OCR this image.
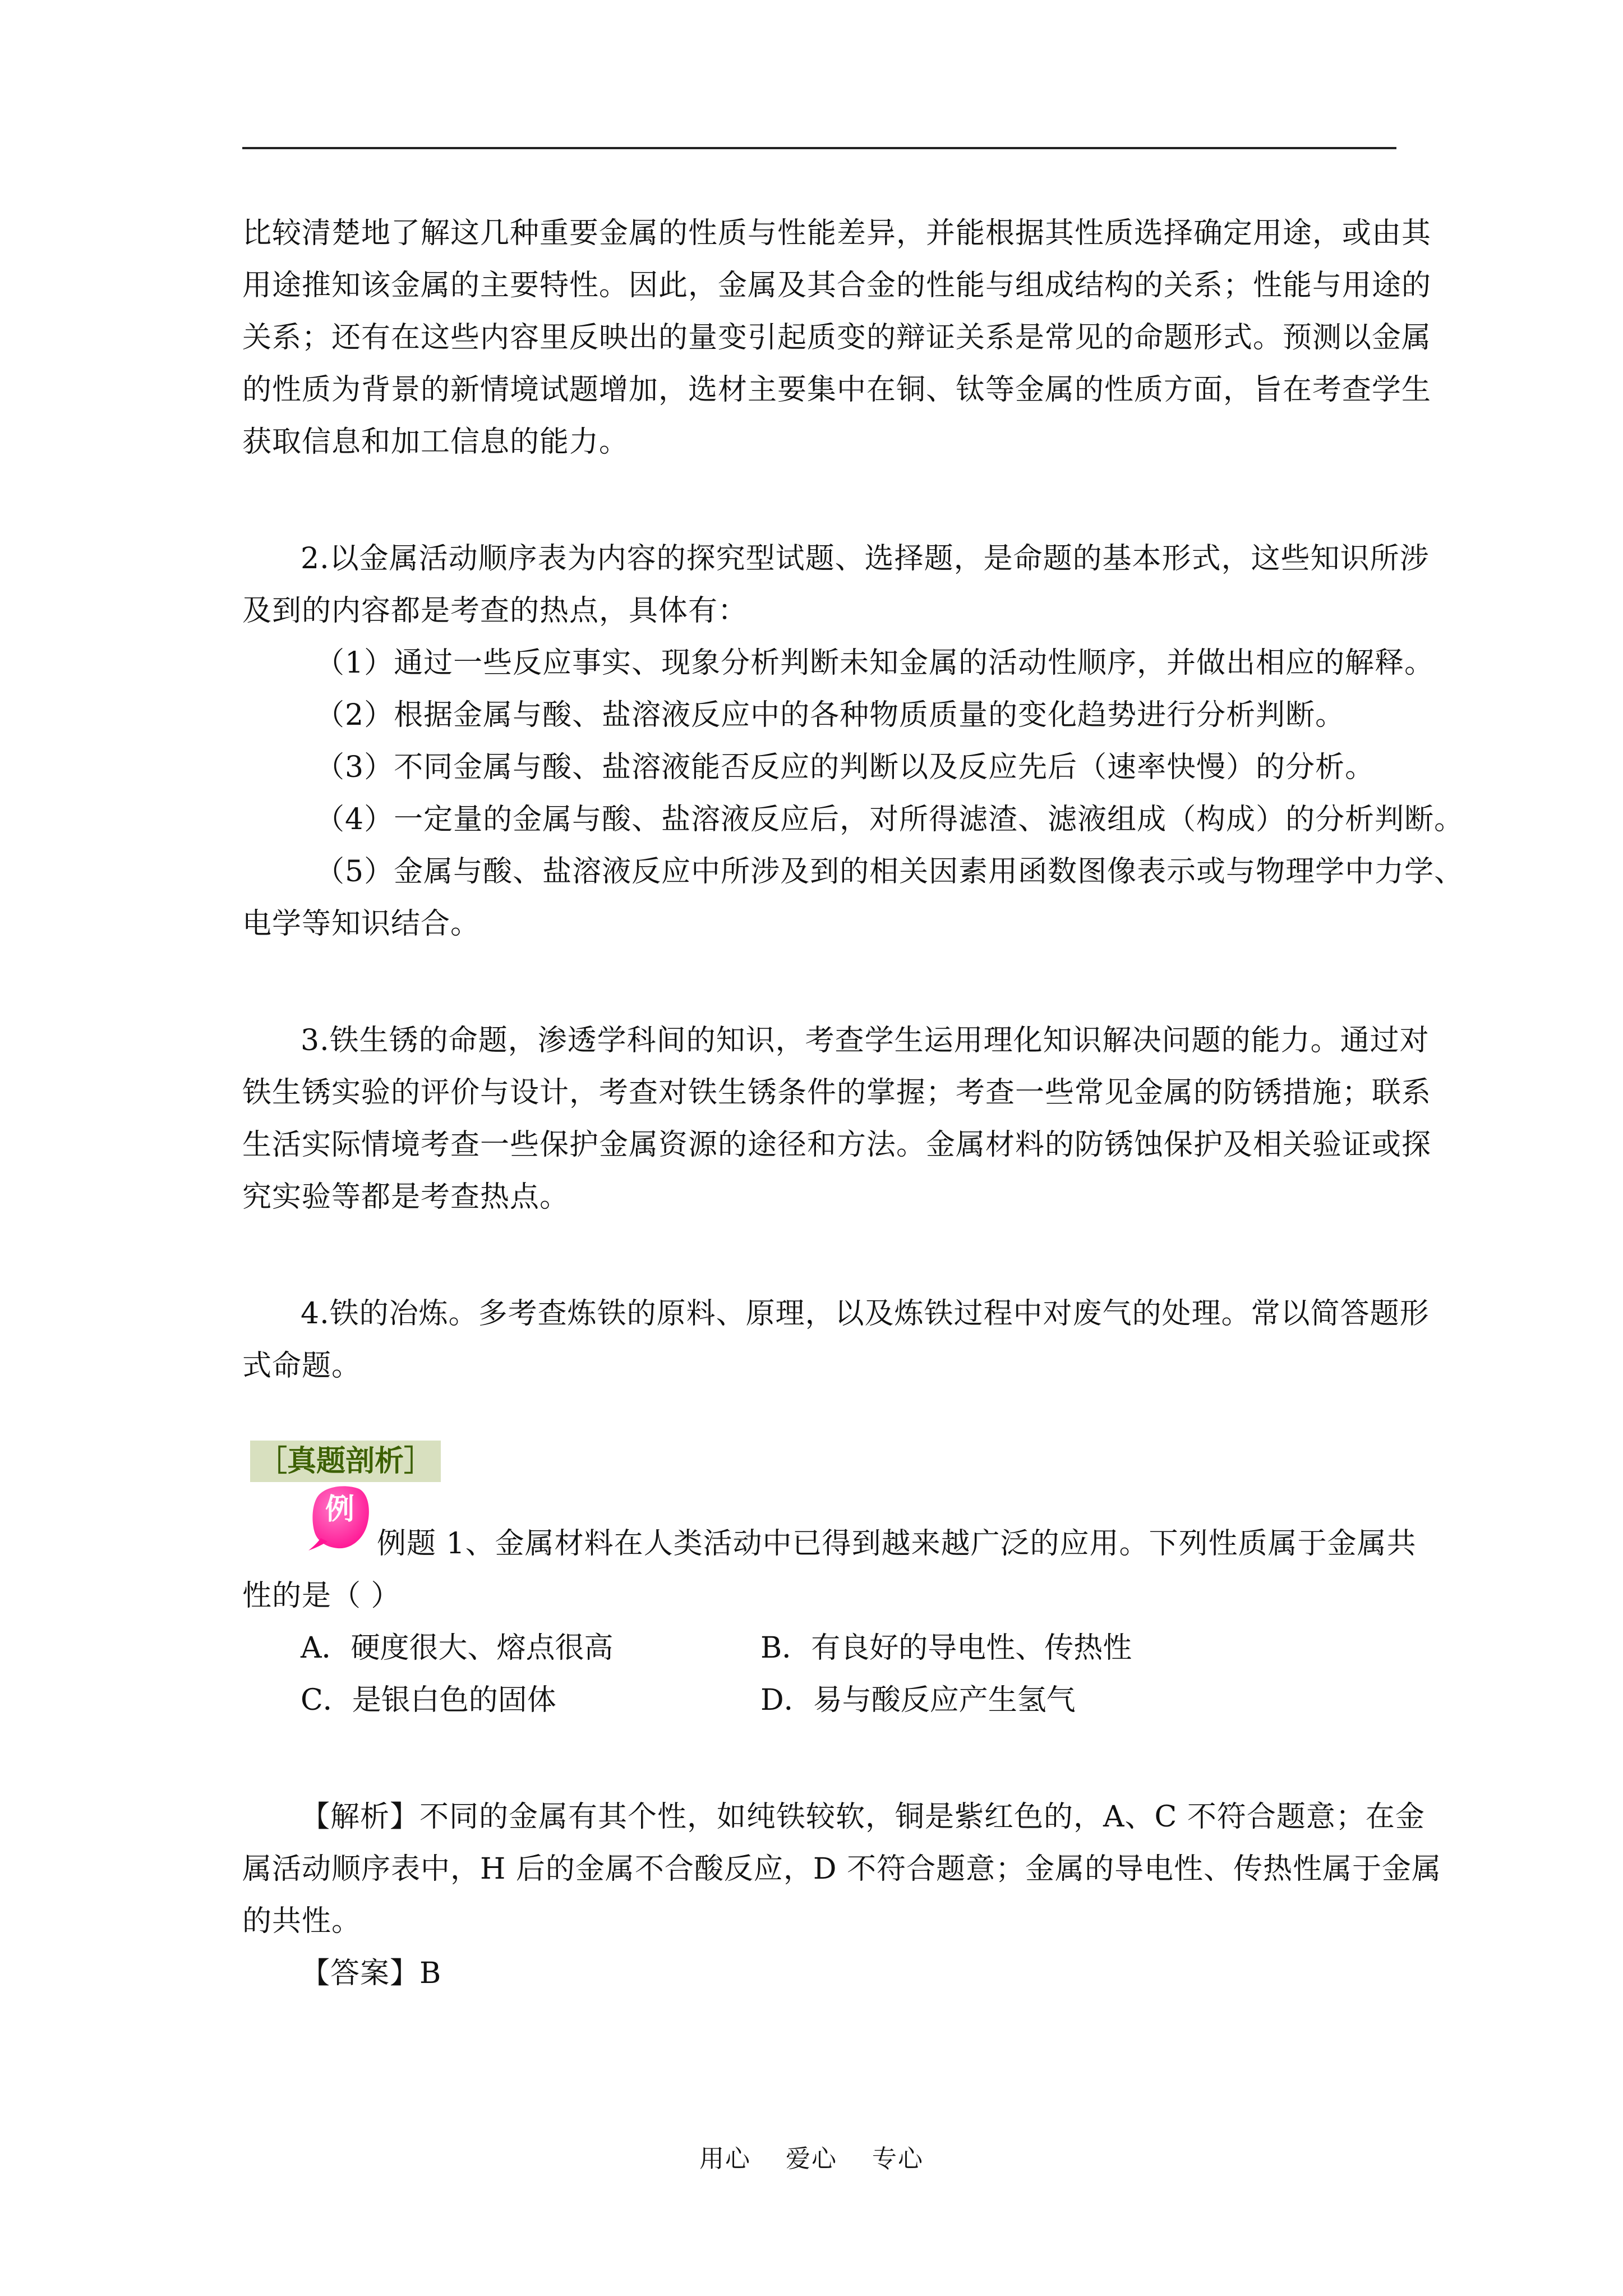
比较清楚地了解这几种重要金属的性质与性能差异，并能根据其性质选择确定用途，或由其
用途推知该金属的主要特性。因此，金属及其合金的性能与组成结构的关系；性能与用途的
关系；还有在这些内容里反映出的量变引起质变的辩证关系是常见的命题形式。预测以金属
的性质为背景的新情境试题增加，选材主要集中在铜、钛等金属的性质方面，旨在考查学生
获取信息和加工信息的能力。
2.以金属活动顺序表为内容的探究型试题、选择题，是命题的基本形式，这些知识所涉
及到的内容都是考查的热点，具体有：
（1）通过一些反应事实、现象分析判断未知金属的活动性顺序，并做出相应的解释。
（2）根据金属与酸、盐溶液反应中的各种物质质量的变化趋势进行分析判断。
（3）不同金属与酸、盐溶液能否反应的判断以及反应先后（速率快慢）的分析。
（4）一定量的金属与酸、盐溶液反应后，对所得滤渣、滤液组成（构成）的分析判断。
（5）金属与酸、盐溶液反应中所涉及到的相关因素用函数图像表示或与物理学中力学、
电学等知识结合。
3.铁生锈的命题，渗透学科间的知识，考查学生运用理化知识解决问题的能力。通过对
铁生锈实验的评价与设计，考查对铁生锈条件的掌握；考查一些常见金属的防锈措施；联系
生活实际情境考查一些保护金属资源的途径和方法。金属材料的防锈蚀保护及相关验证或探
究实验等都是考查热点。
4.铁的冶炼。多考查炼铁的原料、原理，以及炼铁过程中对废气的处理。常以简答题形
式命题。
［真题剖析］
例
例题 1、金属材料在人类活动中已得到越来越广泛的应用。下列性质属于金属共
性的是（ ）
A．硬度很大、熔点很高	B．有良好的导电性、传热性
C．是银白色的固体	D．易与酸反应产生氢气
【解析】不同的金属有其个性，如纯铁较软，铜是紫红色的，A、C 不符合题意；在金
属活动顺序表中，H 后的金属不合酸反应，D 不符合题意；金属的导电性、传热性属于金属
的共性。
【答案】B
用心　 爱心　 专心
